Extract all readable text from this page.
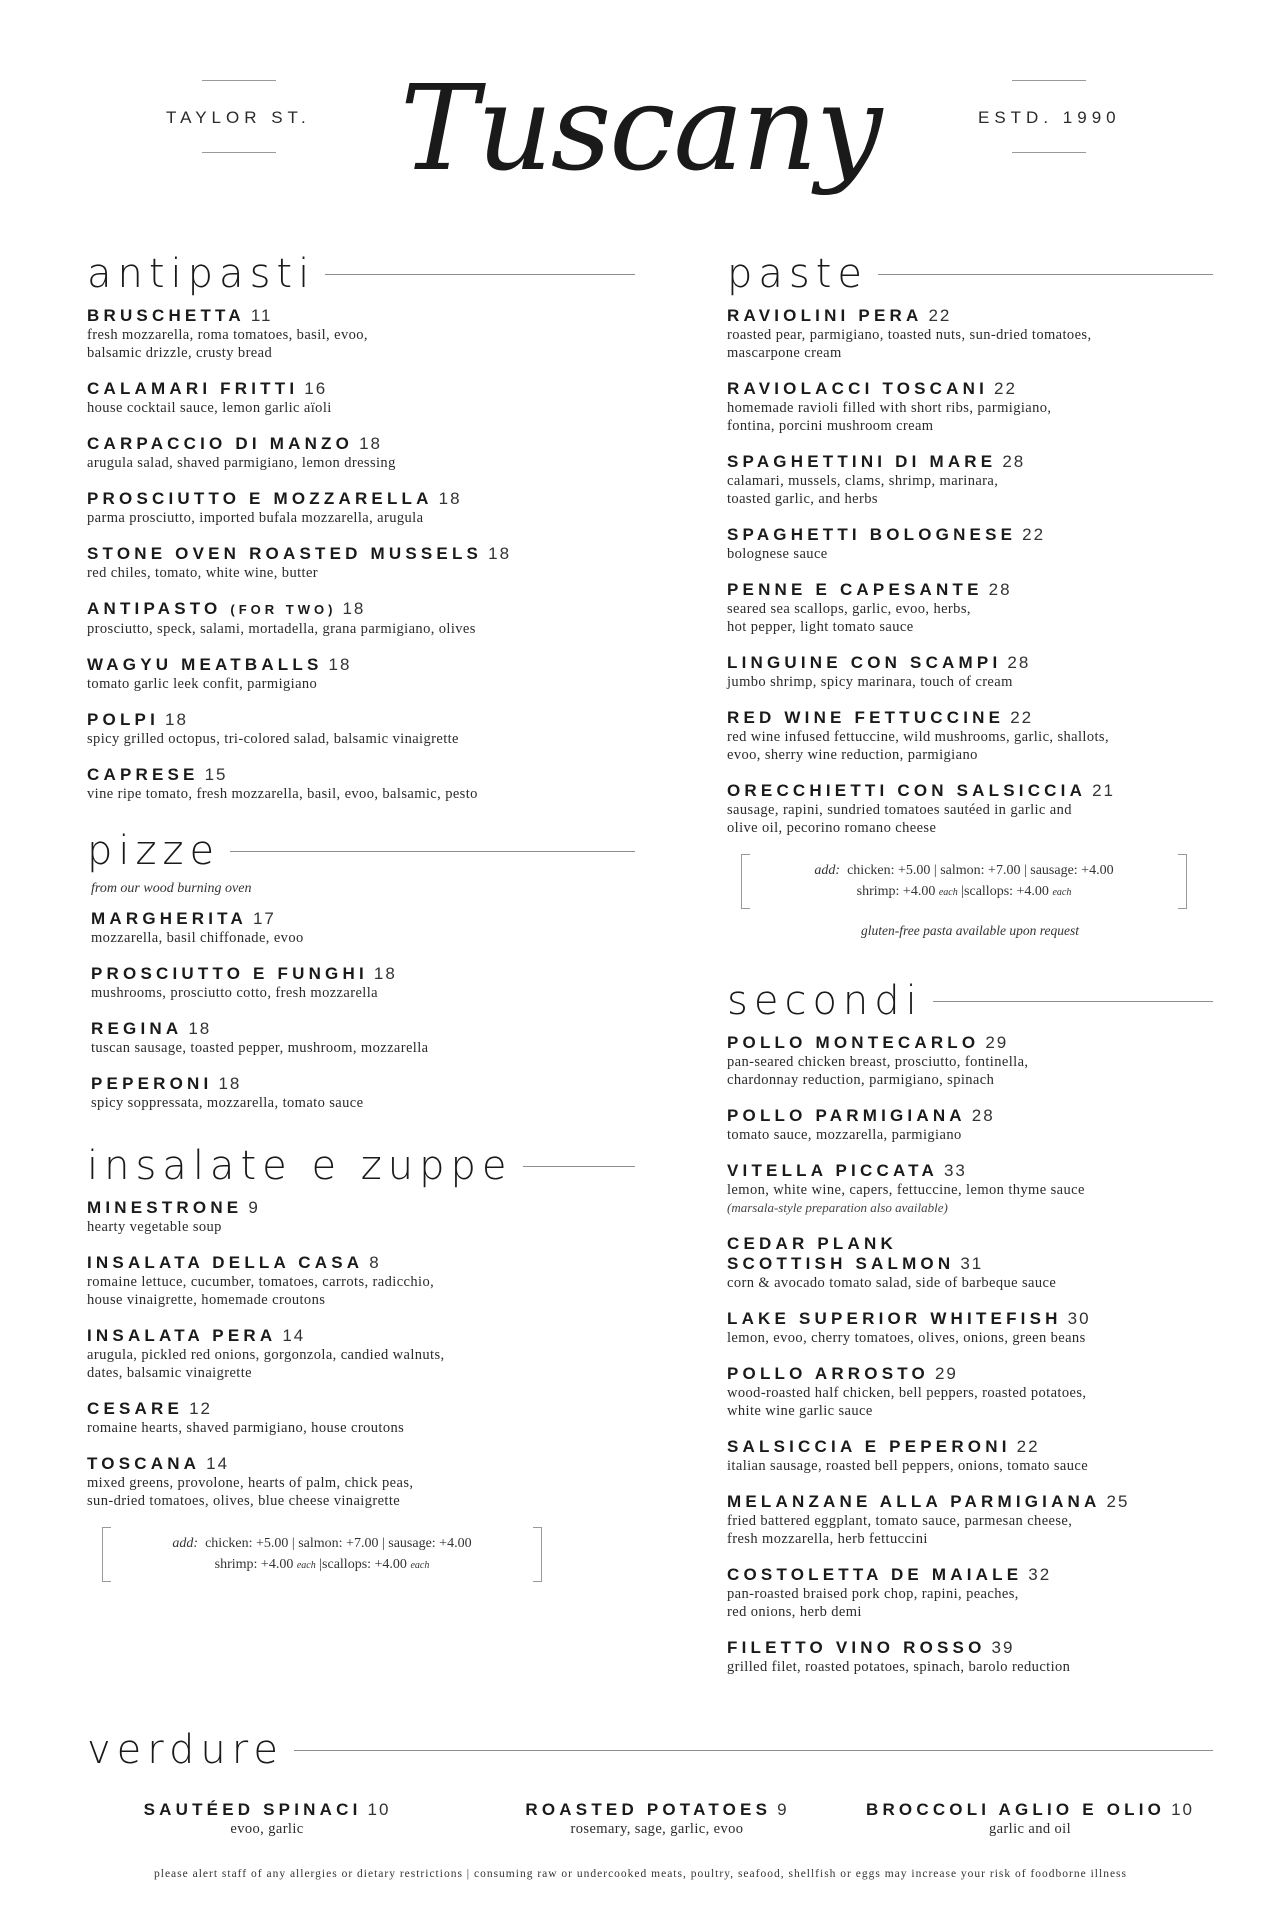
TAYLOR ST. Tuscany	ESTD. 1990
antipasti
BRUSCHETTA 11
fresh mozzarella, roma tomatoes, basil, evoo,
balsamic drizzle, crusty bread
CALAMARI FRITTI 16
house cocktail sauce, lemon garlic aïoli
CARPACCIO DI MANZO 18
arugula salad, shaved parmigiano, lemon dressing
PROSCIUTTO E MOZZARELLA 18
parma prosciutto, imported bufala mozzarella, arugula
STONE OVEN ROASTED MUSSELS 18
red chiles, tomato, white wine, butter
ANTIPASTO (FOR TWO) 18
prosciutto, speck, salami, mortadella, grana parmigiano, olives
WAGYU MEATBALLS 18
tomato garlic leek confit, parmigiano
POLPI 18
spicy grilled octopus, tri-colored salad, balsamic vinaigrette
CAPRESE 15
vine ripe tomato, fresh mozzarella, basil, evoo, balsamic, pesto
pizze
from our wood burning oven
MARGHERITA 17
mozzarella, basil chiffonade, evoo
PROSCIUTTO E FUNGHI 18
mushrooms, prosciutto cotto, fresh mozzarella
REGINA 18
tuscan sausage, toasted pepper, mushroom, mozzarella
PEPERONI 18
spicy soppressata, mozzarella, tomato sauce
insalate e zuppe
MINESTRONE 9
hearty vegetable soup
INSALATA DELLA CASA 8
romaine lettuce, cucumber, tomatoes, carrots, radicchio,
house vinaigrette, homemade croutons
INSALATA PERA 14
arugula, pickled red onions, gorgonzola, candied walnuts,
dates, balsamic vinaigrette
CESARE 12
romaine hearts, shaved parmigiano, house croutons
TOSCANA 14
mixed greens, provolone, hearts of palm, chick peas,
sun-dried tomatoes, olives, blue cheese vinaigrette
add: chicken: +5.00 | salmon: +7.00 | sausage: +4.00
shrimp: +4.00 each |scallops: +4.00 each
paste
RAVIOLINI PERA 22
roasted pear, parmigiano, toasted nuts, sun-dried tomatoes,
mascarpone cream
RAVIOLACCI TOSCANI 22
homemade ravioli filled with short ribs, parmigiano,
fontina, porcini mushroom cream
SPAGHETTINI DI MARE 28
calamari, mussels, clams, shrimp, marinara,
toasted garlic, and herbs
SPAGHETTI BOLOGNESE 22
bolognese sauce
PENNE E CAPESANTE 28
seared sea scallops, garlic, evoo, herbs,
hot pepper, light tomato sauce
LINGUINE CON SCAMPI 28
jumbo shrimp, spicy marinara, touch of cream
RED WINE FETTUCCINE 22
red wine infused fettuccine, wild mushrooms, garlic, shallots,
evoo, sherry wine reduction, parmigiano
ORECCHIETTI CON SALSICCIA 21
sausage, rapini, sundried tomatoes sautéed in garlic and
olive oil, pecorino romano cheese
add: chicken: +5.00 | salmon: +7.00 | sausage: +4.00
shrimp: +4.00 each |scallops: +4.00 each
gluten-free pasta available upon request
secondi
POLLO MONTECARLO 29
pan-seared chicken breast, prosciutto, fontinella,
chardonnay reduction, parmigiano, spinach
POLLO PARMIGIANA 28
tomato sauce, mozzarella, parmigiano
VITELLA PICCATA 33
lemon, white wine, capers, fettuccine, lemon thyme sauce
(marsala-style preparation also available)
CEDAR PLANK
SCOTTISH SALMON 31
corn & avocado tomato salad, side of barbeque sauce
LAKE SUPERIOR WHITEFISH 30
lemon, evoo, cherry tomatoes, olives, onions, green beans
POLLO ARROSTO 29
wood-roasted half chicken, bell peppers, roasted potatoes,
white wine garlic sauce
SALSICCIA E PEPERONI 22
italian sausage, roasted bell peppers, onions, tomato sauce
MELANZANE ALLA PARMIGIANA 25
fried battered eggplant, tomato sauce, parmesan cheese,
fresh mozzarella, herb fettuccini
COSTOLETTA DE MAIALE 32
pan-roasted braised pork chop, rapini, peaches,
red onions, herb demi
FILETTO VINO ROSSO 39
grilled filet, roasted potatoes, spinach, barolo reduction
verdure
SAUTÉED SPINACI 10
evoo, garlic
ROASTED POTATOES 9
rosemary, sage, garlic, evoo
BROCCOLI AGLIO E OLIO 10
garlic and oil
please alert staff of any allergies or dietary restrictions | consuming raw or undercooked meats, poultry, seafood, shellfish or eggs may increase your risk of foodborne illness
